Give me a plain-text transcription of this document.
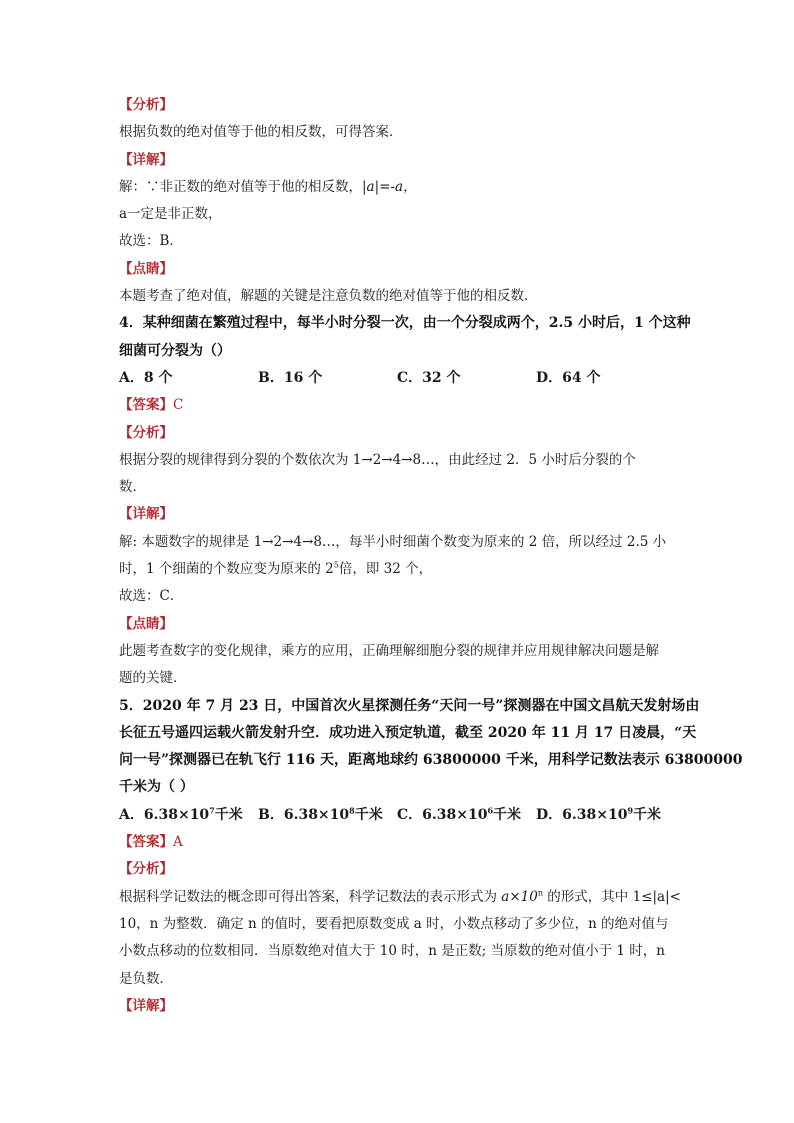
【分析】
根据负数的绝对值等于他的相反数，可得答案．
【详解】
解：∵非正数的绝对值等于他的相反数，|a|=-a，
a一定是非正数，
故选：B．
【点睛】
本题考查了绝对值，解题的关键是注意负数的绝对值等于他的相反数．
4．某种细菌在繁殖过程中，每半小时分裂一次，由一个分裂成两个，2.5 小时后，1 个这种
细菌可分裂为（）
A．8 个	B．16 个	C．32 个	D．64 个
【答案】C
【分析】
根据分裂的规律得到分裂的个数依次为 1→2→4→8…，由此经过 2．5 小时后分裂的个
数．
【详解】
解: 本题数字的规律是 1→2→4→8…，每半小时细菌个数变为原来的 2 倍，所以经过 2.5 小
时，1 个细菌的个数应变为原来的 $2^5$倍，即 32 个，
故选：C．
【点睛】
此题考查数字的变化规律，乘方的应用，正确理解细胞分裂的规律并应用规律解决问题是解
题的关键．
5．2020 年 7 月 23 日，中国首次火星探测任务“天问一号”探测器在中国文昌航天发射场由
长征五号遥四运载火箭发射升空．成功进入预定轨道，截至 2020 年 11 月 17 日凌晨，“天
问一号”探测器已在轨飞行 116 天，距离地球约 63800000 千米，用科学记数法表示 63800000
千米为（ ）
A．$6.38\times 10^7$千米	B．$6.38\times 10^8$千米	C．$6.38\times 10^6$千米	D．$6.38\times 10^9$千米
【答案】A
【分析】
根据科学记数法的概念即可得出答案，科学记数法的表示形式为 $a\times 10^n$ 的形式，其中 1≤|a|<
10，n 为整数．确定 n 的值时，要看把原数变成 a 时，小数点移动了多少位，n 的绝对值与
小数点移动的位数相同．当原数绝对值大于 10 时，n 是正数; 当原数的绝对值小于 1 时，n
是负数．
【详解】
